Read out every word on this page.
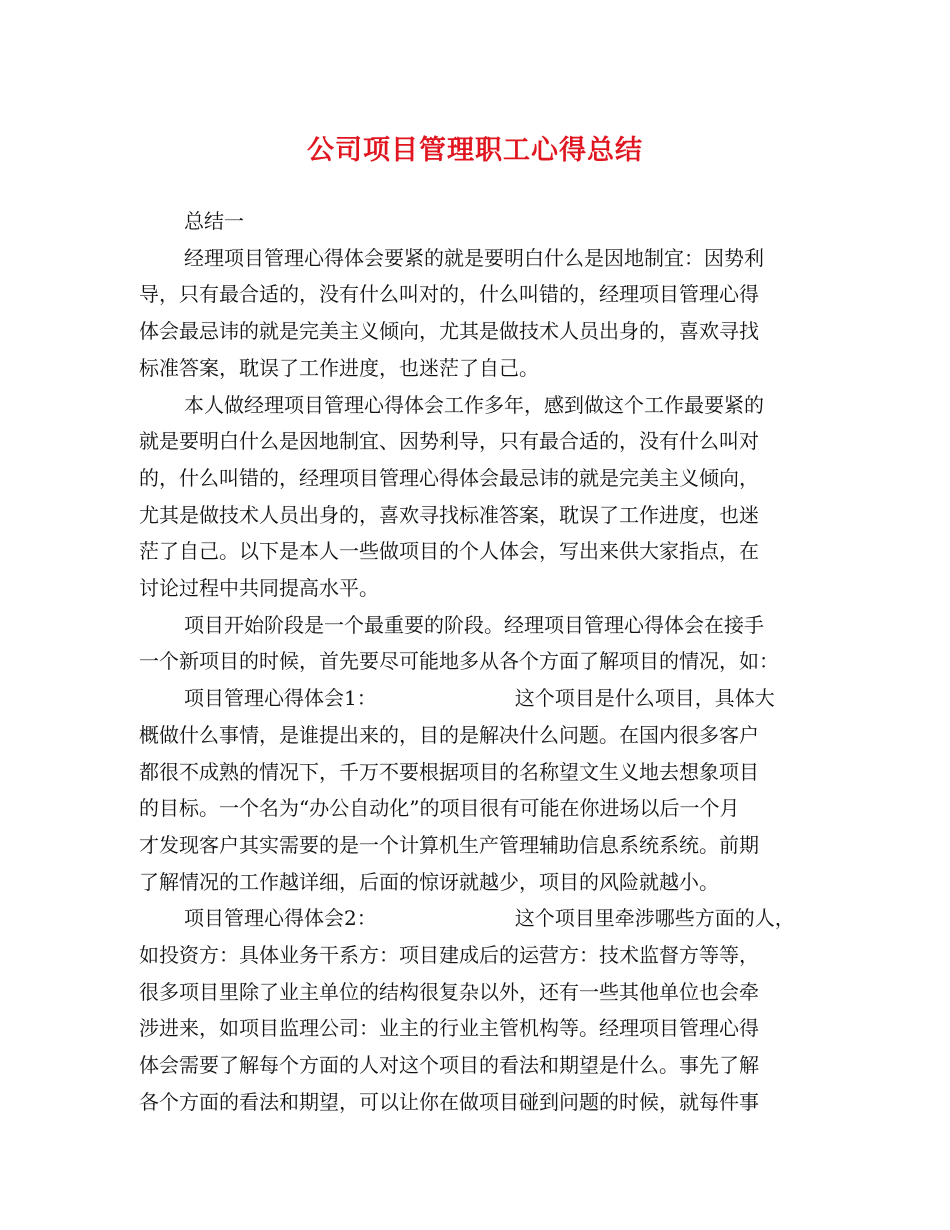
公司项目管理职工心得总结
总结一
经理项目管理心得体会要紧的就是要明白什么是因地制宜：因势利
导，只有最合适的，没有什么叫对的，什么叫错的，经理项目管理心得
体会最忌讳的就是完美主义倾向，尤其是做技术人员出身的，喜欢寻找
标准答案，耽误了工作进度，也迷茫了自己。
本人做经理项目管理心得体会工作多年，感到做这个工作最要紧的
就是要明白什么是因地制宜、因势利导，只有最合适的，没有什么叫对
的，什么叫错的，经理项目管理心得体会最忌讳的就是完美主义倾向，
尤其是做技术人员出身的，喜欢寻找标准答案，耽误了工作进度，也迷
茫了自己。以下是本人一些做项目的个人体会，写出来供大家指点，在
讨论过程中共同提高水平。
项目开始阶段是一个最重要的阶段。经理项目管理心得体会在接手
一个新项目的时候，首先要尽可能地多从各个方面了解项目的情况，如：
项目管理心得体会1：	这个项目是什么项目，具体大
概做什么事情，是谁提出来的，目的是解决什么问题。在国内很多客户
都很不成熟的情况下，千万不要根据项目的名称望文生义地去想象项目
的目标。一个名为“办公自动化”的项目很有可能在你进场以后一个月
才发现客户其实需要的是一个计算机生产管理辅助信息系统系统。前期
了解情况的工作越详细，后面的惊讶就越少，项目的风险就越小。
项目管理心得体会2：	这个项目里牵涉哪些方面的人，
如投资方：具体业务干系方：项目建成后的运营方：技术监督方等等，
很多项目里除了业主单位的结构很复杂以外，还有一些其他单位也会牵
涉进来，如项目监理公司：业主的行业主管机构等。经理项目管理心得
体会需要了解每个方面的人对这个项目的看法和期望是什么。事先了解
各个方面的看法和期望，可以让你在做项目碰到问题的时候，就每件事
